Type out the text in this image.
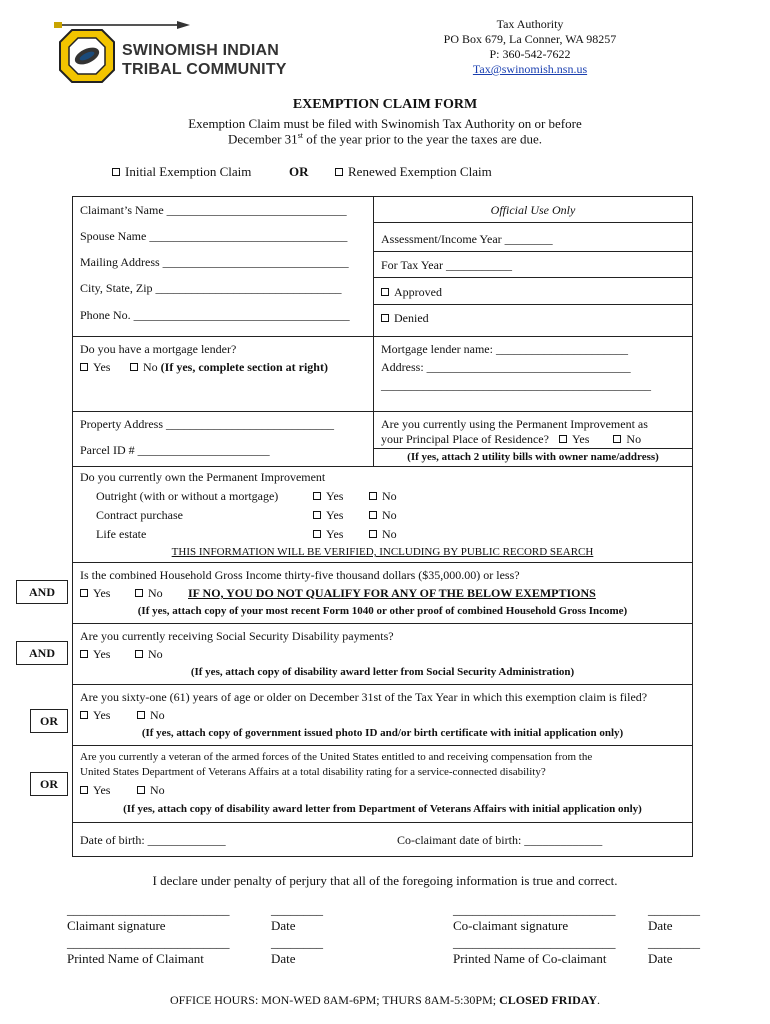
SWINOMISH INDIAN
TRIBAL COMMUNITY
Tax Authority
PO Box 679, La Conner, WA 98257
P: 360-542-7622
Tax@swinomish.nsn.us
EXEMPTION CLAIM FORM
Exemption Claim must be filed with Swinomish Tax Authority on or before
December 31st of the year prior to the year the taxes are due.
Initial Exemption Claim	OR	Renewed Exemption Claim
Claimant’s Name ______________________________
Spouse Name _________________________________
Mailing Address _______________________________
City, State, Zip _______________________________
Phone No. ____________________________________
Official Use Only
Assessment/Income Year ________
For Tax Year ___________
Approved
Denied
Do you have a mortgage lender?
Yes	No (If yes, complete section at right)
Mortgage lender name: ______________________
Address: __________________________________
_____________________________________________
Property Address ____________________________
Parcel ID # ______________________
Are you currently using the Permanent Improvement as
your Principal Place of Residence? Yes	No
(If yes, attach 2 utility bills with owner name/address)
Do you currently own the Permanent Improvement
Outright (with or without a mortgage)	Yes	No
Contract purchase	Yes	No
Life estate	Yes	No
THIS INFORMATION WILL BE VERIFIED, INCLUDING BY PUBLIC RECORD SEARCH
AND
Is the combined Household Gross Income thirty-five thousand dollars ($35,000.00) or less?
Yes	No IF NO, YOU DO NOT QUALIFY FOR ANY OF THE BELOW EXEMPTIONS
(If yes, attach copy of your most recent Form 1040 or other proof of combined Household Gross Income)
AND
Are you currently receiving Social Security Disability payments?
Yes	No
(If yes, attach copy of disability award letter from Social Security Administration)
OR
Are you sixty-one (61) years of age or older on December 31st of the Tax Year in which this exemption claim is filed?
Yes	No
(If yes, attach copy of government issued photo ID and/or birth certificate with initial application only)
OR
Are you currently a veteran of the armed forces of the United States entitled to and receiving compensation from the
United States Department of Veterans Affairs at a total disability rating for a service-connected disability?
Yes	No
(If yes, attach copy of disability award letter from Department of Veterans Affairs with initial application only)
Date of birth: _____________	Co-claimant date of birth: _____________
I declare under penalty of perjury that all of the foregoing information is true and correct.
_________________________	________	_________________________	________
Claimant signature	Date	Co-claimant signature	Date
_________________________	________	_________________________	________
Printed Name of Claimant	Date	Printed Name of Co-claimant	Date
OFFICE HOURS: MON-WED 8AM-6PM; THURS 8AM-5:30PM; CLOSED FRIDAY.
